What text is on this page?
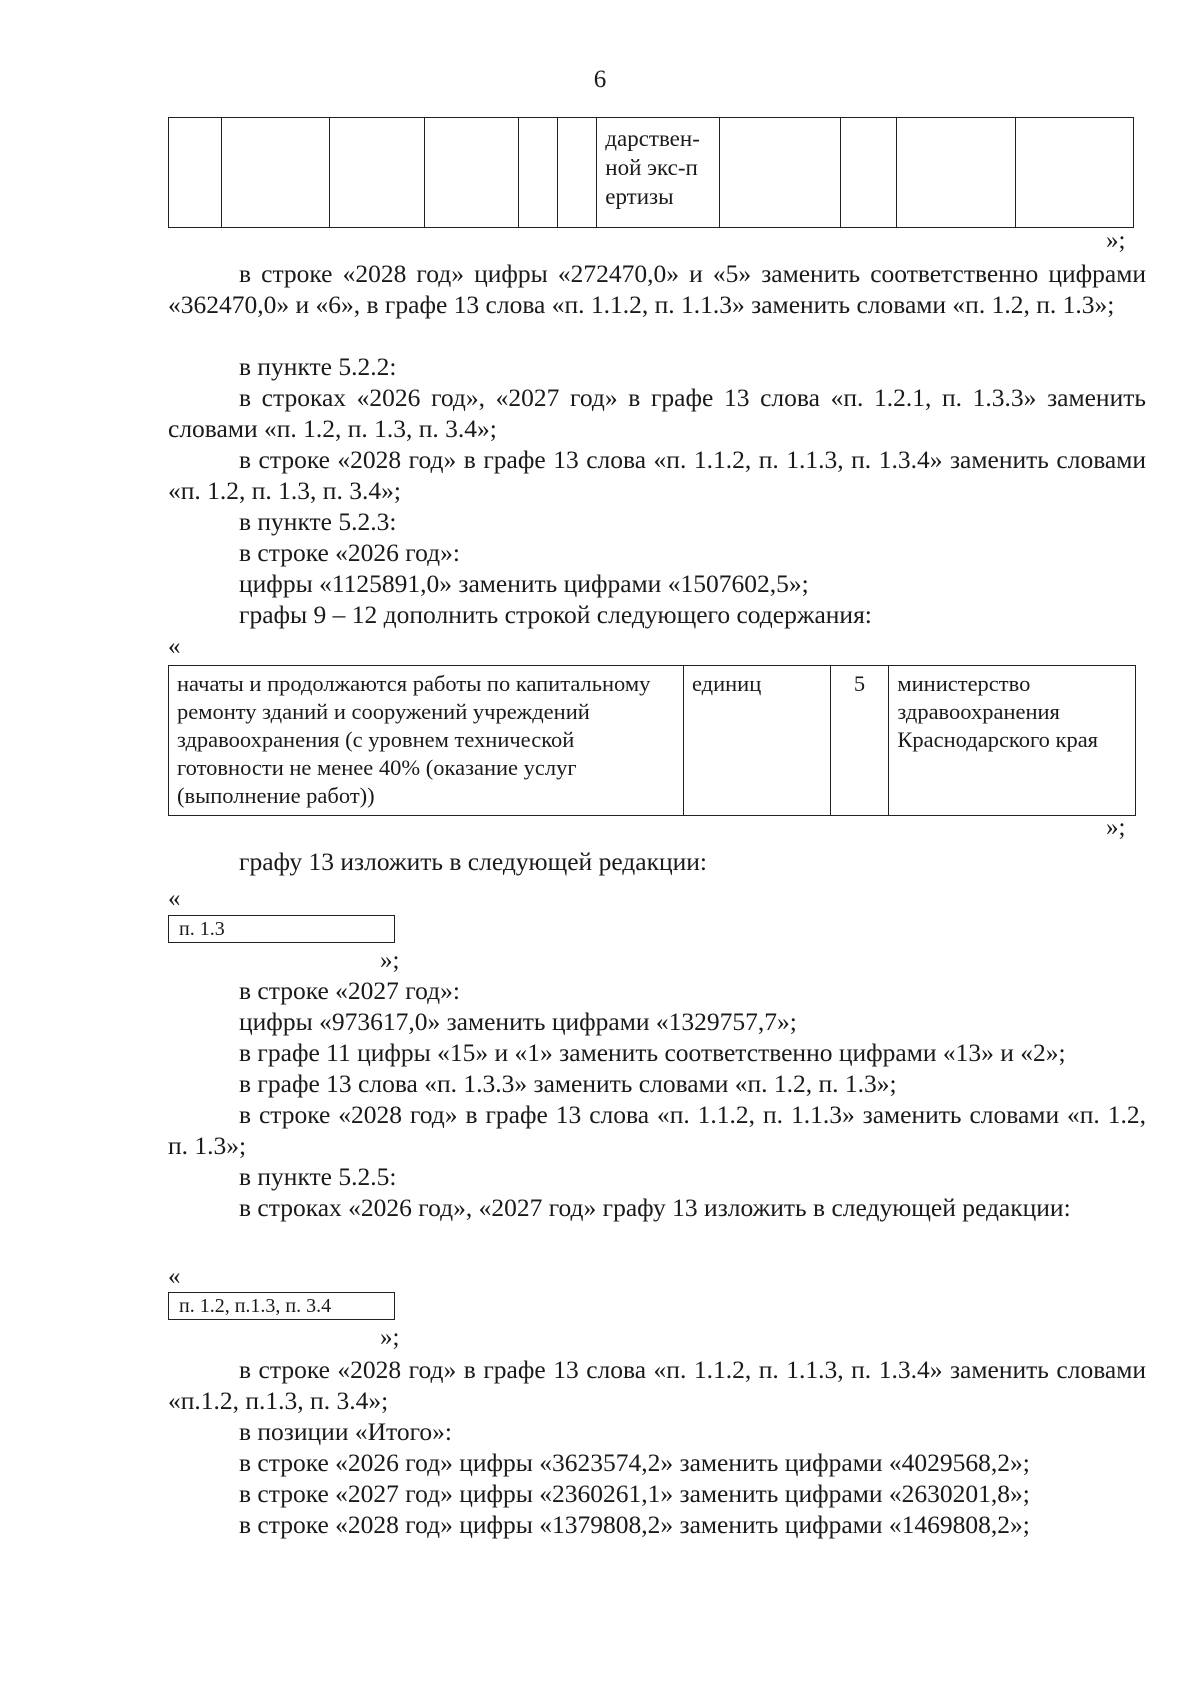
6

дарствен-ной экс-пертизы

»;

в строке «2028 год» цифры «272470,0» и «5» заменить соответственно цифрами «362470,0» и «6», в графе 13 слова «п. 1.1.2, п. 1.1.3» заменить словами «п. 1.2, п. 1.3»;

в пункте 5.2.2:

в строках «2026 год», «2027 год» в графе 13 слова «п. 1.2.1, п. 1.3.3» заменить словами «п. 1.2, п. 1.3, п. 3.4»;

в строке «2028 год» в графе 13 слова «п. 1.1.2, п. 1.1.3, п. 1.3.4» заменить словами «п. 1.2, п. 1.3, п. 3.4»;

в пункте 5.2.3:

в строке «2026 год»:

цифры «1125891,0» заменить цифрами «1507602,5»;

графы 9 – 12 дополнить строкой следующего содержания:

«
начаты и продолжаются работы по капитальному ремонту зданий и сооружений учреждений здравоохранения (с уровнем технической готовности не менее 40% (оказание услуг (выполнение работ))	единиц	5	министерство здравоохранения Краснодарского края
»;

графу 13 изложить в следующей редакции:

«
п. 1.3
»;

в строке «2027 год»:

цифры «973617,0» заменить цифрами «1329757,7»;

в графе 11 цифры «15» и «1» заменить соответственно цифрами «13» и «2»;

в графе 13 слова «п. 1.3.3» заменить словами «п. 1.2, п. 1.3»;

в строке «2028 год» в графе 13 слова «п. 1.1.2, п. 1.1.3» заменить словами «п. 1.2, п. 1.3»;

в пункте 5.2.5:

в строках «2026 год», «2027 год» графу 13 изложить в следующей редакции:

«
п. 1.2, п.1.3, п. 3.4
»;

в строке «2028 год» в графе 13 слова «п. 1.1.2, п. 1.1.3, п. 1.3.4» заменить словами «п.1.2, п.1.3, п. 3.4»;

в позиции «Итого»:

в строке «2026 год» цифры «3623574,2» заменить цифрами «4029568,2»;

в строке «2027 год» цифры «2360261,1» заменить цифрами «2630201,8»;

в строке «2028 год» цифры «1379808,2» заменить цифрами «1469808,2»;
